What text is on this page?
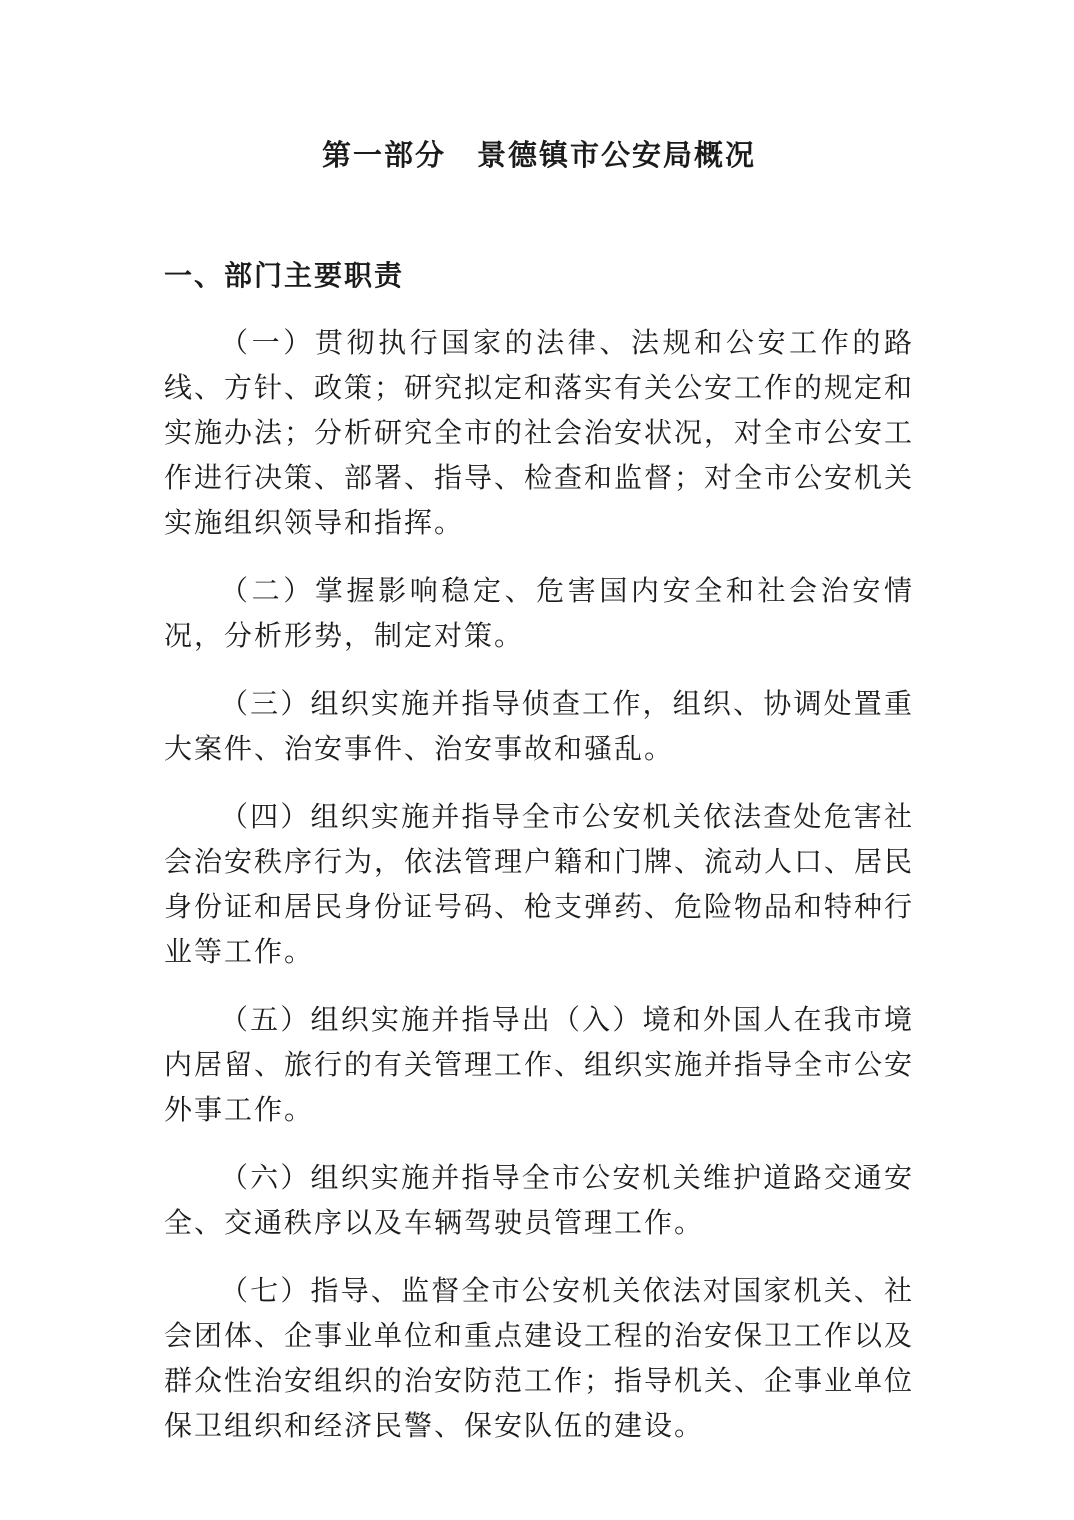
第一部分　景德镇市公安局概况
一、部门主要职责

（一）贯彻执行国家的法律、法规和公安工作的路线、方针、政策；研究拟定和落实有关公安工作的规定和实施办法；分析研究全市的社会治安状况，对全市公安工作进行决策、部署、指导、检查和监督；对全市公安机关实施组织领导和指挥。

（二）掌握影响稳定、危害国内安全和社会治安情况，分析形势，制定对策。

（三）组织实施并指导侦查工作，组织、协调处置重大案件、治安事件、治安事故和骚乱。

（四）组织实施并指导全市公安机关依法查处危害社会治安秩序行为，依法管理户籍和门牌、流动人口、居民身份证和居民身份证号码、枪支弹药、危险物品和特种行业等工作。

（五）组织实施并指导出（入）境和外国人在我市境内居留、旅行的有关管理工作、组织实施并指导全市公安外事工作。

（六）组织实施并指导全市公安机关维护道路交通安全、交通秩序以及车辆驾驶员管理工作。

（七）指导、监督全市公安机关依法对国家机关、社会团体、企事业单位和重点建设工程的治安保卫工作以及群众性治安组织的治安防范工作；指导机关、企事业单位保卫组织和经济民警、保安队伍的建设。
